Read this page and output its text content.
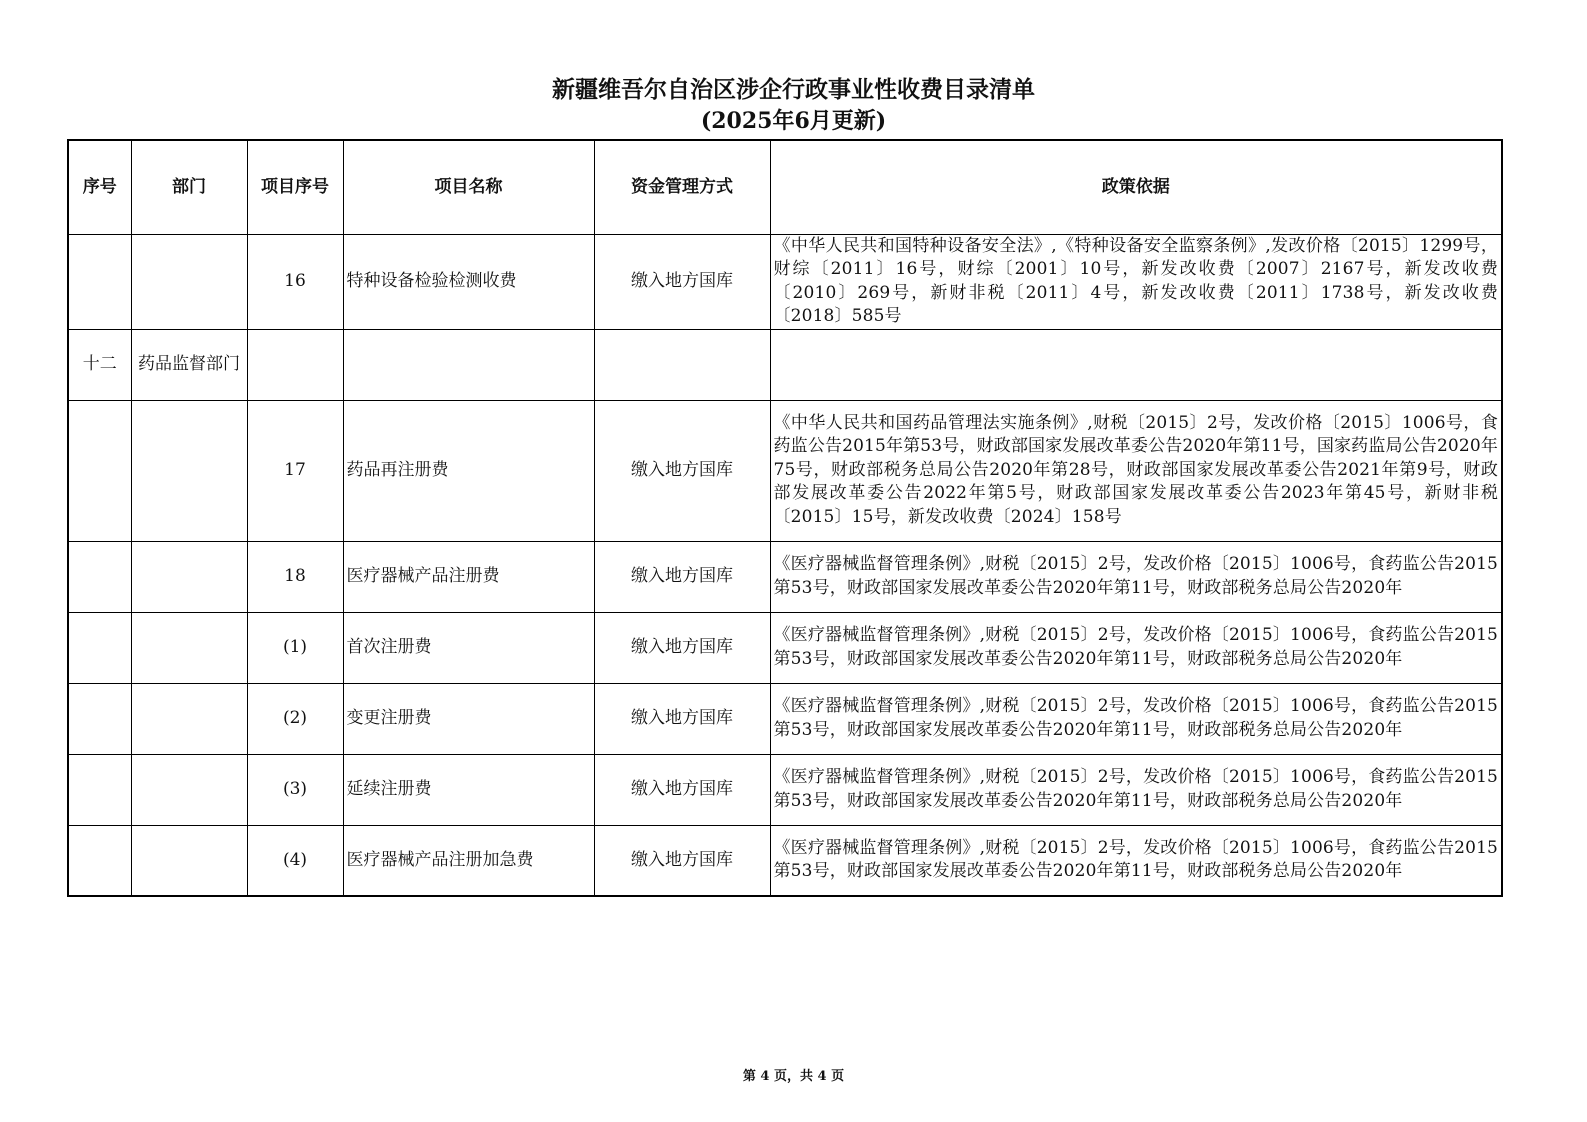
新疆维吾尔自治区涉企行政事业性收费目录清单
(2025年6月更新)
序号	部门	项目序号	项目名称	资金管理方式	政策依据
		16	特种设备检验检测收费	缴入地方国库	《中华人民共和国特种设备安全法》,《特种设备安全监察条例》,发改价格〔2015〕1299号，财综〔2011〕16号，财综〔2001〕10号，新发改收费〔2007〕2167号，新发改收费〔2010〕269号，新财非税〔2011〕4号，新发改收费〔2011〕1738号，新发改收费〔2018〕585号
十二	药品监督部门				
		17	药品再注册费	缴入地方国库	《中华人民共和国药品管理法实施条例》,财税〔2015〕2号，发改价格〔2015〕1006号，食药监公告2015年第53号，财政部国家发展改革委公告2020年第11号，国家药监局公告2020年75号，财政部税务总局公告2020年第28号，财政部国家发展改革委公告2021年第9号，财政部发展改革委公告2022年第5号，财政部国家发展改革委公告2023年第45号，新财非税〔2015〕15号，新发改收费〔2024〕158号
		18	医疗器械产品注册费	缴入地方国库	《医疗器械监督管理条例》,财税〔2015〕2号，发改价格〔2015〕1006号，食药监公告2015第53号，财政部国家发展改革委公告2020年第11号，财政部税务总局公告2020年
		(1)	首次注册费	缴入地方国库	《医疗器械监督管理条例》,财税〔2015〕2号，发改价格〔2015〕1006号，食药监公告2015第53号，财政部国家发展改革委公告2020年第11号，财政部税务总局公告2020年
		(2)	变更注册费	缴入地方国库	《医疗器械监督管理条例》,财税〔2015〕2号，发改价格〔2015〕1006号，食药监公告2015第53号，财政部国家发展改革委公告2020年第11号，财政部税务总局公告2020年
		(3)	延续注册费	缴入地方国库	《医疗器械监督管理条例》,财税〔2015〕2号，发改价格〔2015〕1006号，食药监公告2015第53号，财政部国家发展改革委公告2020年第11号，财政部税务总局公告2020年
		(4)	医疗器械产品注册加急费	缴入地方国库	《医疗器械监督管理条例》,财税〔2015〕2号，发改价格〔2015〕1006号，食药监公告2015第53号，财政部国家发展改革委公告2020年第11号，财政部税务总局公告2020年
第 4 页，共 4 页
